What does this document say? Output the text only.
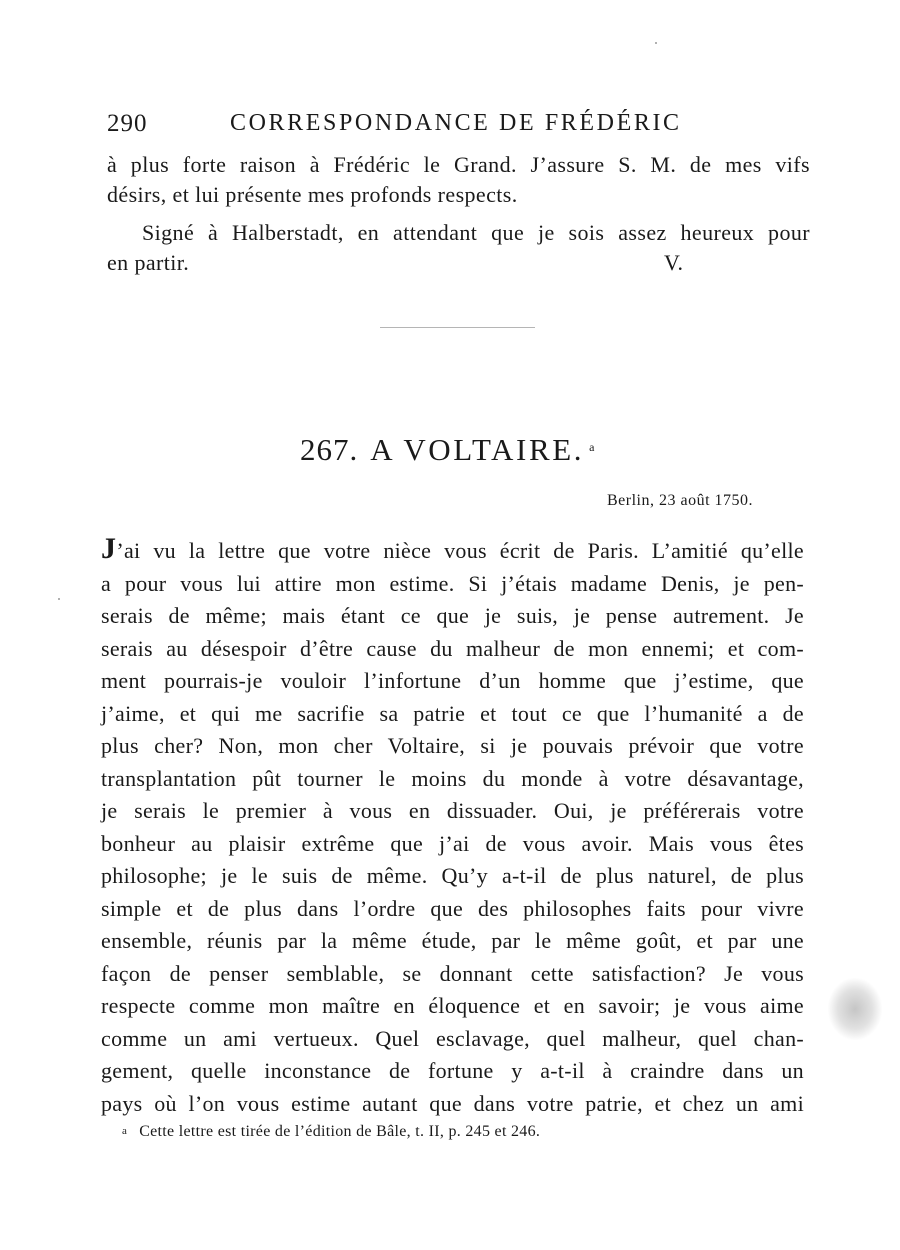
290	CORRESPONDANCE DE FRÉDÉRIC
à plus forte raison à Frédéric le Grand. J’assure S. M. de mes vifs
désirs, et lui présente mes profonds respects.
Signé à Halberstadt, en attendant que je sois assez heureux pour
en partir.	V.
267. A VOLTAIRE. $^a$
Berlin, 23 août 1750.
J’ai vu la lettre que votre nièce vous écrit de Paris. L’amitié qu’elle
a pour vous lui attire mon estime. Si j’étais madame Denis, je pen-
serais de même; mais étant ce que je suis, je pense autrement. Je
serais au désespoir d’être cause du malheur de mon ennemi; et com-
ment pourrais-je vouloir l’infortune d’un homme que j’estime, que
j’aime, et qui me sacrifie sa patrie et tout ce que l’humanité a de
plus cher? Non, mon cher Voltaire, si je pouvais prévoir que votre
transplantation pût tourner le moins du monde à votre désavantage,
je serais le premier à vous en dissuader. Oui, je préférerais votre
bonheur au plaisir extrême que j’ai de vous avoir. Mais vous êtes
philosophe; je le suis de même. Qu’y a-t-il de plus naturel, de plus
simple et de plus dans l’ordre que des philosophes faits pour vivre
ensemble, réunis par la même étude, par le même goût, et par une
façon de penser semblable, se donnant cette satisfaction? Je vous
respecte comme mon maître en éloquence et en savoir; je vous aime
comme un ami vertueux. Quel esclavage, quel malheur, quel chan-
gement, quelle inconstance de fortune y a-t-il à craindre dans un
pays où l’on vous estime autant que dans votre patrie, et chez un ami
$^a$ Cette lettre est tirée de l’édition de Bâle, t. II, p. 245 et 246.
